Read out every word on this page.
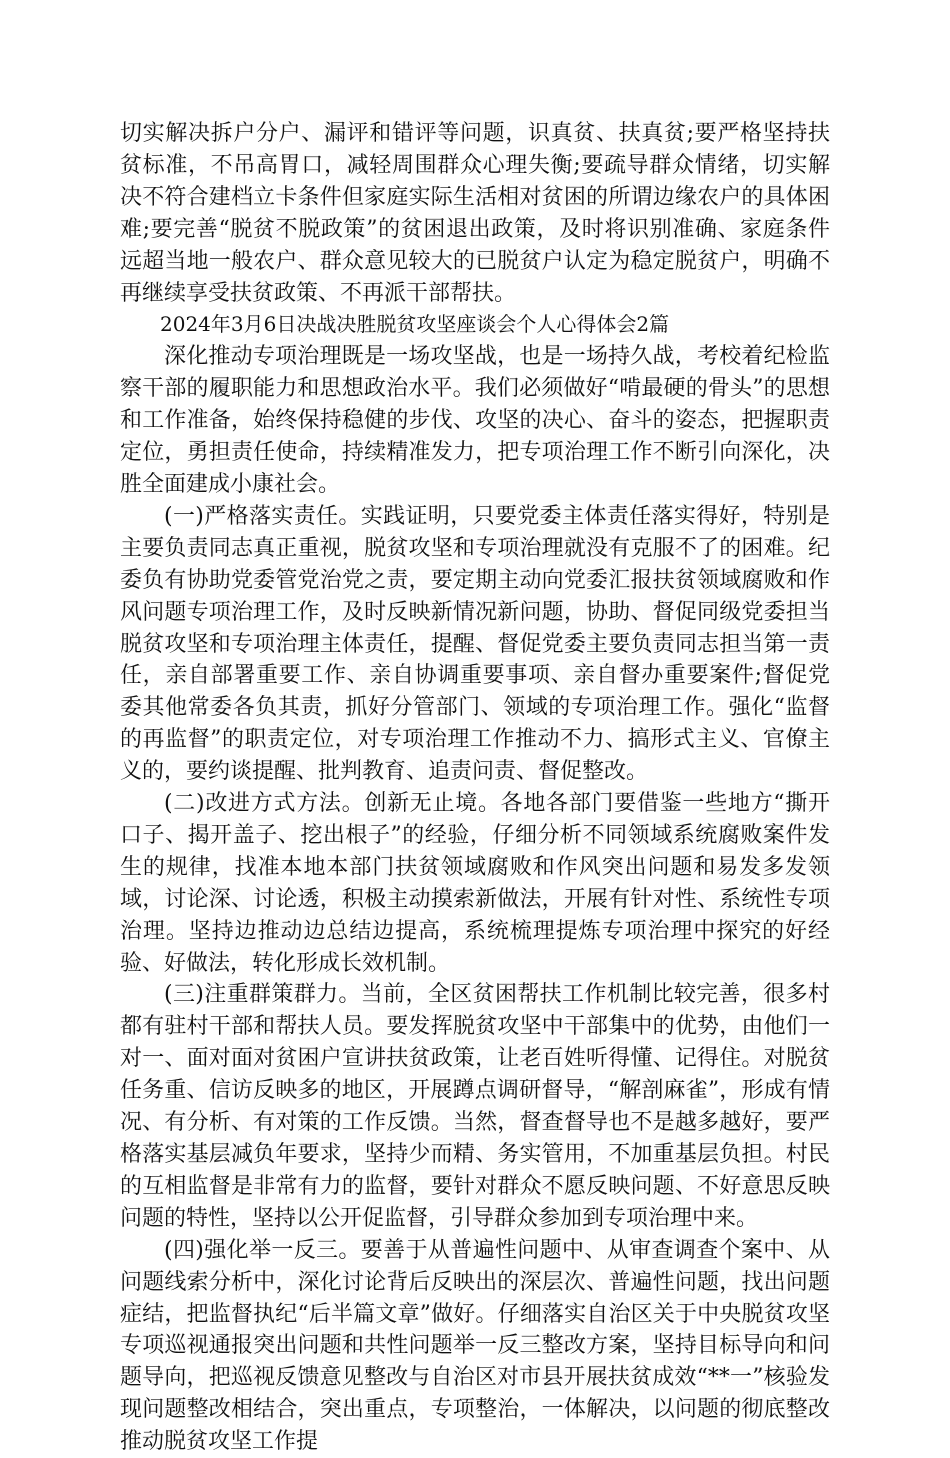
切实解决拆户分户、漏评和错评等问题，识真贫、扶真贫;要严格坚持扶贫标准，不吊高胃口，减轻周围群众心理失衡;要疏导群众情绪，切实解决不符合建档立卡条件但家庭实际生活相对贫困的所谓边缘农户的具体困难;要完善“脱贫不脱政策”的贫困退出政策，及时将识别准确、家庭条件远超当地一般农户、群众意见较大的已脱贫户认定为稳定脱贫户，明确不再继续享受扶贫政策、不再派干部帮扶。

2024年3月6日决战决胜脱贫攻坚座谈会个人心得体会2篇

深化推动专项治理既是一场攻坚战，也是一场持久战，考校着纪检监察干部的履职能力和思想政治水平。我们必须做好“啃最硬的骨头”的思想和工作准备，始终保持稳健的步伐、攻坚的决心、奋斗的姿态，把握职责定位，勇担责任使命，持续精准发力，把专项治理工作不断引向深化，决胜全面建成小康社会。

(一)严格落实责任。实践证明，只要党委主体责任落实得好，特别是主要负责同志真正重视，脱贫攻坚和专项治理就没有克服不了的困难。纪委负有协助党委管党治党之责，要定期主动向党委汇报扶贫领域腐败和作风问题专项治理工作，及时反映新情况新问题，协助、督促同级党委担当脱贫攻坚和专项治理主体责任，提醒、督促党委主要负责同志担当第一责任，亲自部署重要工作、亲自协调重要事项、亲自督办重要案件;督促党委其他常委各负其责，抓好分管部门、领域的专项治理工作。强化“监督的再监督”的职责定位，对专项治理工作推动不力、搞形式主义、官僚主义的，要约谈提醒、批判教育、追责问责、督促整改。

(二)改进方式方法。创新无止境。各地各部门要借鉴一些地方“撕开口子、揭开盖子、挖出根子”的经验，仔细分析不同领域系统腐败案件发生的规律，找准本地本部门扶贫领域腐败和作风突出问题和易发多发领域，讨论深、讨论透，积极主动摸索新做法，开展有针对性、系统性专项治理。坚持边推动边总结边提高，系统梳理提炼专项治理中探究的好经验、好做法，转化形成长效机制。

(三)注重群策群力。当前，全区贫困帮扶工作机制比较完善，很多村都有驻村干部和帮扶人员。要发挥脱贫攻坚中干部集中的优势，由他们一对一、面对面对贫困户宣讲扶贫政策，让老百姓听得懂、记得住。对脱贫任务重、信访反映多的地区，开展蹲点调研督导，“解剖麻雀”，形成有情况、有分析、有对策的工作反馈。当然，督查督导也不是越多越好，要严格落实基层减负年要求，坚持少而精、务实管用，不加重基层负担。村民的互相监督是非常有力的监督，要针对群众不愿反映问题、不好意思反映问题的特性，坚持以公开促监督，引导群众参加到专项治理中来。

(四)强化举一反三。要善于从普遍性问题中、从审查调查个案中、从问题线索分析中，深化讨论背后反映出的深层次、普遍性问题，找出问题症结，把监督执纪“后半篇文章”做好。仔细落实自治区关于中央脱贫攻坚专项巡视通报突出问题和共性问题举一反三整改方案，坚持目标导向和问题导向，把巡视反馈意见整改与自治区对市县开展扶贫成效“**一”核验发现问题整改相结合，突出重点，专项整治，一体解决，以问题的彻底整改推动脱贫攻坚工作提
